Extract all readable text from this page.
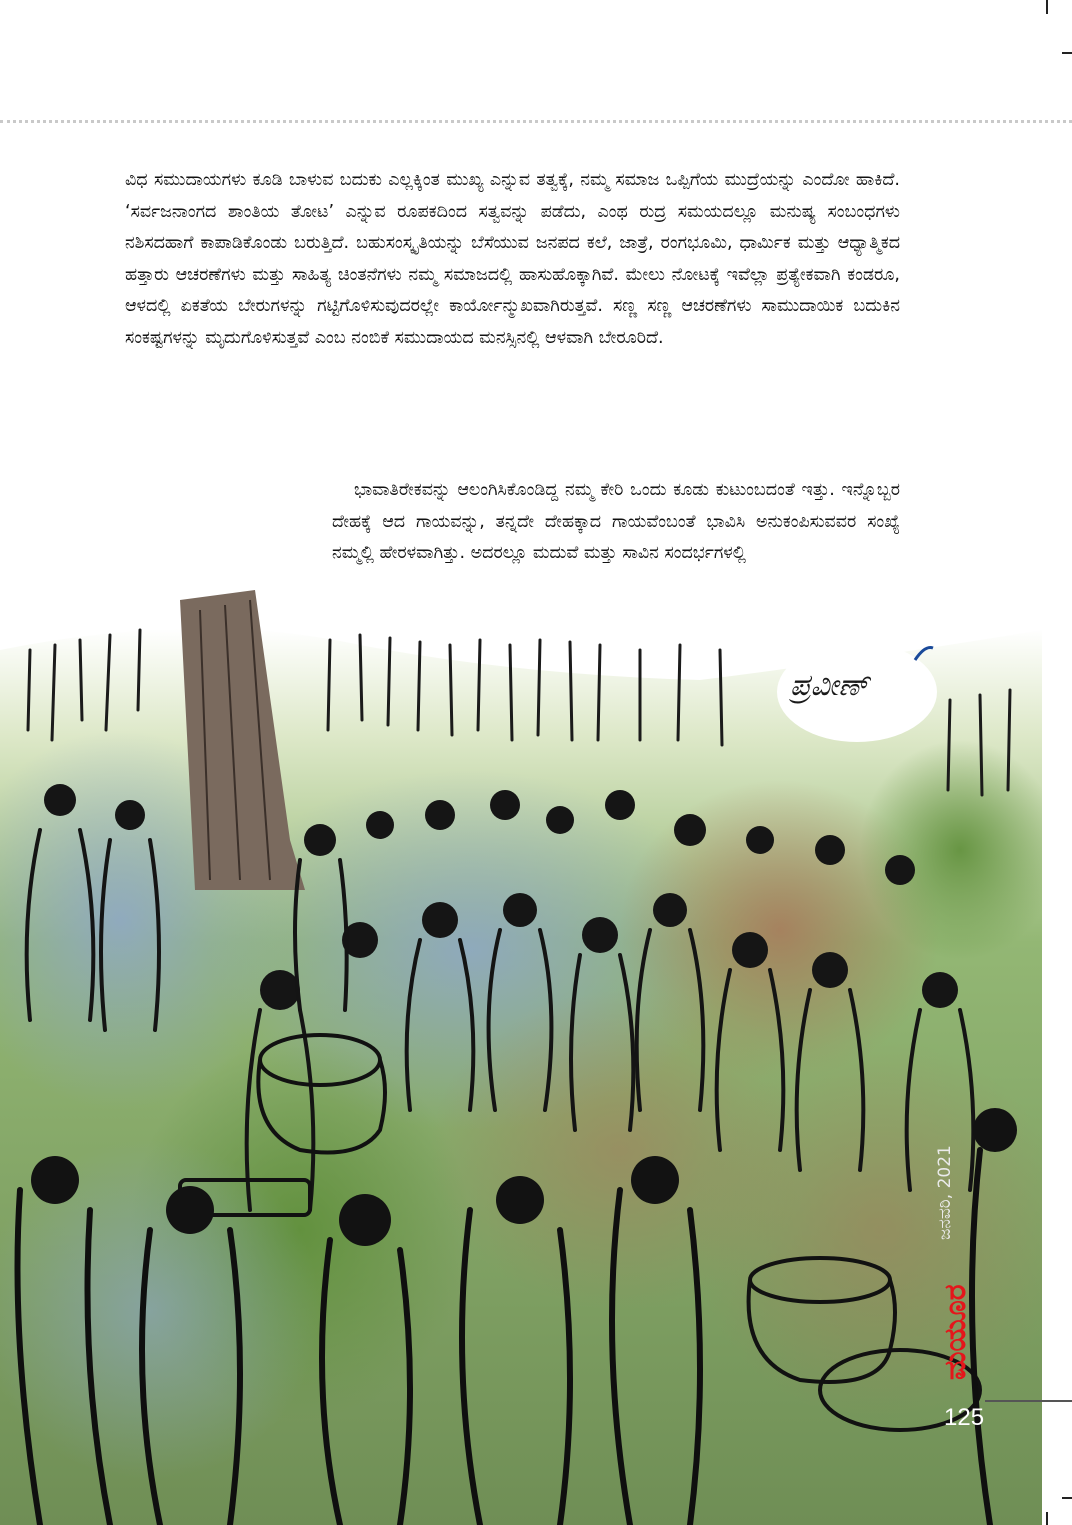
ಪ್ರವೀಣ್

ವಿಧ ಸಮುದಾಯಗಳು ಕೂಡಿ ಬಾಳುವ ಬದುಕು ಎಲ್ಲಕ್ಕಿಂತ ಮುಖ್ಯ ಎನ್ನುವ ತತ್ವಕ್ಕೆ, ನಮ್ಮ ಸಮಾಜ ಒಪ್ಪಿಗೆಯ ಮುದ್ರೆಯನ್ನು ಎಂದೋ ಹಾಕಿದೆ. ‘ಸರ್ವಜನಾಂಗದ ಶಾಂತಿಯ ತೋಟ’ ಎನ್ನುವ ರೂಪಕದಿಂದ ಸತ್ವವನ್ನು ಪಡೆದು, ಎಂಥ ರುದ್ರ ಸಮಯದಲ್ಲೂ ಮನುಷ್ಯ ಸಂಬಂಧಗಳು ನಶಿಸದಹಾಗೆ ಕಾಪಾಡಿಕೊಂಡು ಬರುತ್ತಿದೆ. ಬಹುಸಂಸ್ಕೃತಿಯನ್ನು ಬೆಸೆಯುವ ಜನಪದ ಕಲೆ, ಜಾತ್ರೆ, ರಂಗಭೂಮಿ, ಧಾರ್ಮಿಕ ಮತ್ತು ಆಧ್ಯಾತ್ಮಿಕದ ಹತ್ತಾರು ಆಚರಣೆಗಳು ಮತ್ತು ಸಾಹಿತ್ಯ ಚಿಂತನೆಗಳು ನಮ್ಮ ಸಮಾಜದಲ್ಲಿ ಹಾಸುಹೊಕ್ಕಾಗಿವೆ. ಮೇಲು ನೋಟಕ್ಕೆ ಇವೆಲ್ಲಾ ಪ್ರತ್ಯೇಕವಾಗಿ ಕಂಡರೂ, ಆಳದಲ್ಲಿ ಏಕತೆಯ ಬೇರುಗಳನ್ನು ಗಟ್ಟಿಗೊಳಿಸುವುದರಲ್ಲೇ ಕಾರ್ಯೋನ್ಮುಖವಾಗಿರುತ್ತವೆ. ಸಣ್ಣ ಸಣ್ಣ ಆಚರಣೆಗಳು ಸಾಮುದಾಯಿಕ ಬದುಕಿನ ಸಂಕಷ್ಟಗಳನ್ನು ಮೃದುಗೊಳಿಸುತ್ತವೆ ಎಂಬ ನಂಬಿಕೆ ಸಮುದಾಯದ ಮನಸ್ಸಿನಲ್ಲಿ ಆಳವಾಗಿ ಬೇರೂರಿದೆ.

ಭಾವಾತಿರೇಕವನ್ನು ಆಲಂಗಿಸಿಕೊಂಡಿದ್ದ ನಮ್ಮ ಕೇರಿ ಒಂದು ಕೂಡು ಕುಟುಂಬದಂತೆ ಇತ್ತು. ಇನ್ನೊಬ್ಬರ ದೇಹಕ್ಕೆ ಆದ ಗಾಯವನ್ನು, ತನ್ನದೇ ದೇಹಕ್ಕಾದ ಗಾಯವೆಂಬಂತೆ ಭಾವಿಸಿ ಅನುಕಂಪಿಸುವವರ ಸಂಖ್ಯೆ ನಮ್ಮಲ್ಲಿ ಹೇರಳವಾಗಿತ್ತು. ಅದರಲ್ಲೂ ಮದುವೆ ಮತ್ತು ಸಾವಿನ ಸಂದರ್ಭಗಳಲ್ಲಿ

ಜನವರಿ, 2021
ಮಯೂರ
125
